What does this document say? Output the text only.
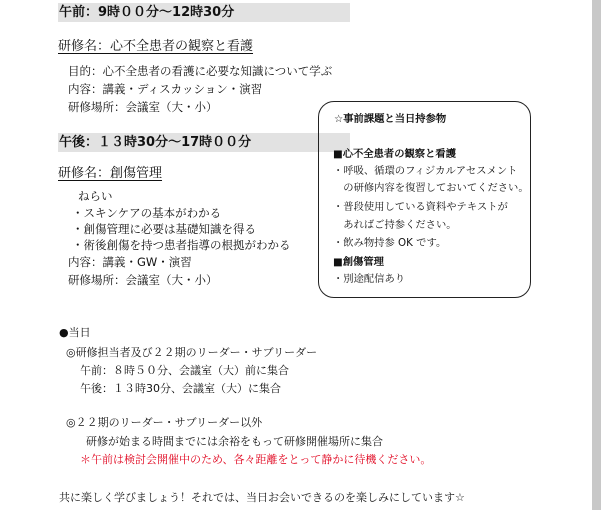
午前：9時００分～12時30分
研修名：心不全患者の観察と看護
目的：心不全患者の看護に必要な知識について学ぶ
内容：講義・ディスカッション・演習
研修場所：会議室（大・小）
午後：１３時30分～17時００分
研修名：創傷管理
ねらい
・スキンケアの基本がわかる
・創傷管理に必要は基礎知識を得る
・術後創傷を持つ患者指導の根拠がわかる
内容：講義・GW・演習
研修場所：会議室（大・小）
☆事前課題と当日持参物
■心不全患者の観察と看護
・呼吸、循環のフィジカルアセスメント
　の研修内容を復習しておいてください。
・普段使用している資料やテキストが
　あればご持参ください。
・飲み物持参 OK です。
■創傷管理
・別途配信あり
●当日
◎研修担当者及び２２期のリーダー・サブリーダー
午前：８時５０分、会議室（大）前に集合
午後：１３時30分、会議室（大）に集合
◎２２期のリーダー・サブリーダー以外
研修が始まる時間までには余裕をもって研修開催場所に集合
＊午前は検討会開催中のため、各々距離をとって静かに待機ください。
共に楽しく学びましょう！それでは、当日お会いできるのを楽しみにしています☆
